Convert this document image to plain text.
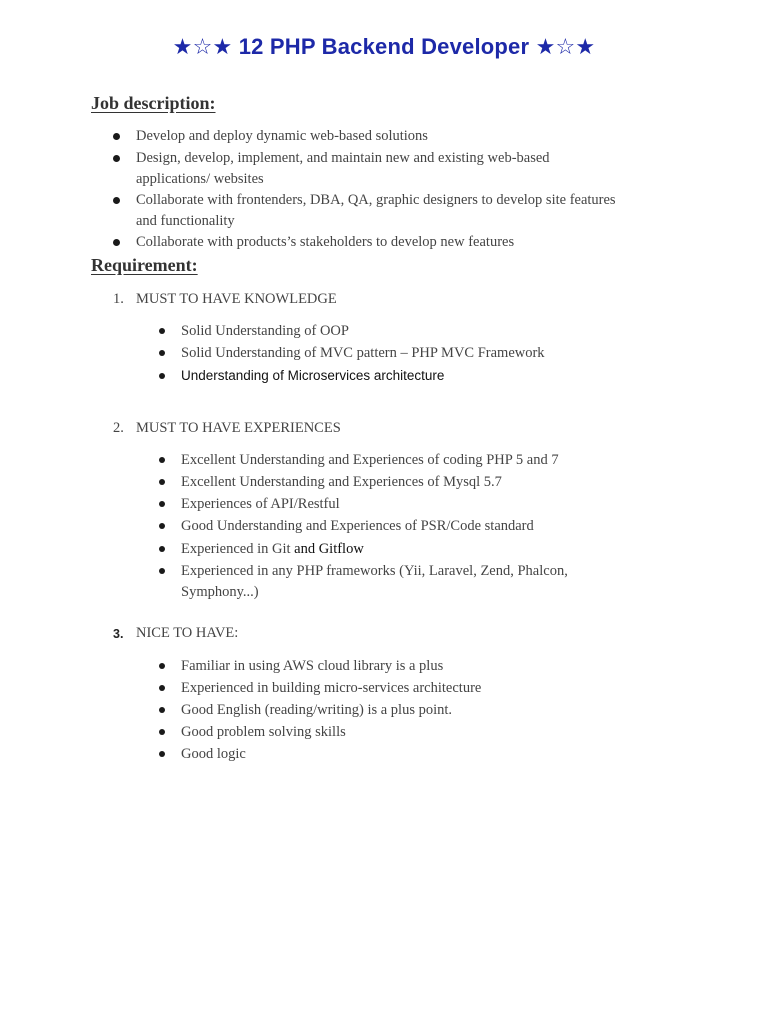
★☆★ 12 PHP Backend Developer ★☆★
Job description:
Develop and deploy dynamic web-based solutions
Design, develop, implement, and maintain new and existing web-based
applications/ websites
Collaborate with frontenders, DBA, QA, graphic designers to develop site features
and functionality
Collaborate with products’s stakeholders to develop new features
Requirement:
1. MUST TO HAVE KNOWLEDGE
Solid Understanding of OOP
Solid Understanding of MVC pattern – PHP MVC Framework
Understanding of Microservices architecture
2. MUST TO HAVE EXPERIENCES
Excellent Understanding and Experiences of coding PHP 5 and 7
Excellent Understanding and Experiences of Mysql 5.7
Experiences of API/Restful
Good Understanding and Experiences of PSR/Code standard
Experienced in Git and Gitflow
Experienced in any PHP frameworks (Yii, Laravel, Zend, Phalcon,
Symphony...)
3. NICE TO HAVE:
Familiar in using AWS cloud library is a plus
Experienced in building micro-services architecture
Good English (reading/writing) is a plus point.
Good problem solving skills
Good logic
